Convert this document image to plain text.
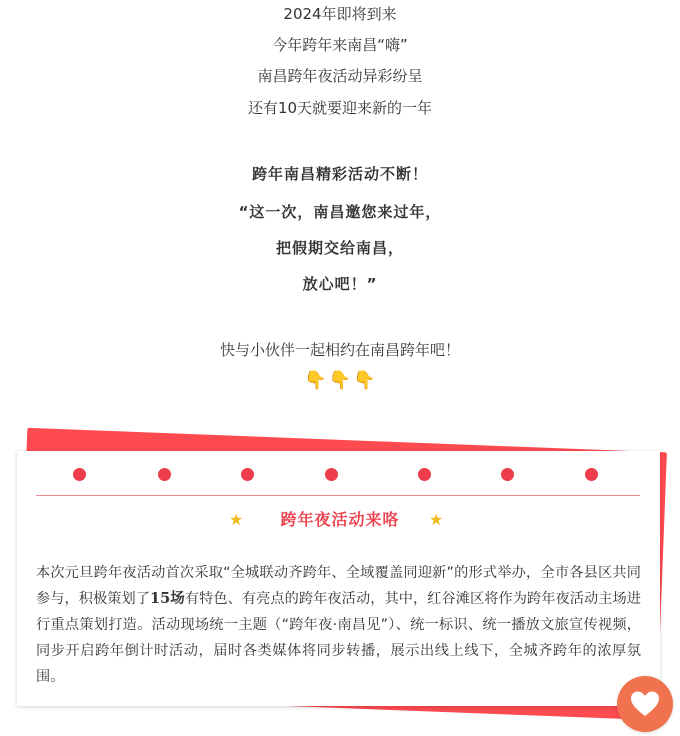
2024年即将到来
今年跨年来南昌“嗨”
南昌跨年夜活动异彩纷呈
还有10天就要迎来新的一年
跨年南昌精彩活动不断！
“这一次，南昌邀您来过年，
把假期交给南昌，
放心吧！”
快与小伙伴一起相约在南昌跨年吧！
👇 👇 👇
★	跨年夜活动来咯	★
本次元旦跨年夜活动首次采取“全城联动齐跨年、全域覆盖同迎新”的形式举办，全市各县区共同参与，积极策划了15场有特色、有亮点的跨年夜活动，其中，红谷滩区将作为跨年夜活动主场进行重点策划打造。活动现场统一主题（“跨年夜·南昌见”）、统一标识、统一播放文旅宣传视频，同步开启跨年倒计时活动，届时各类媒体将同步转播，展示出线上线下，全城齐跨年的浓厚氛围。
